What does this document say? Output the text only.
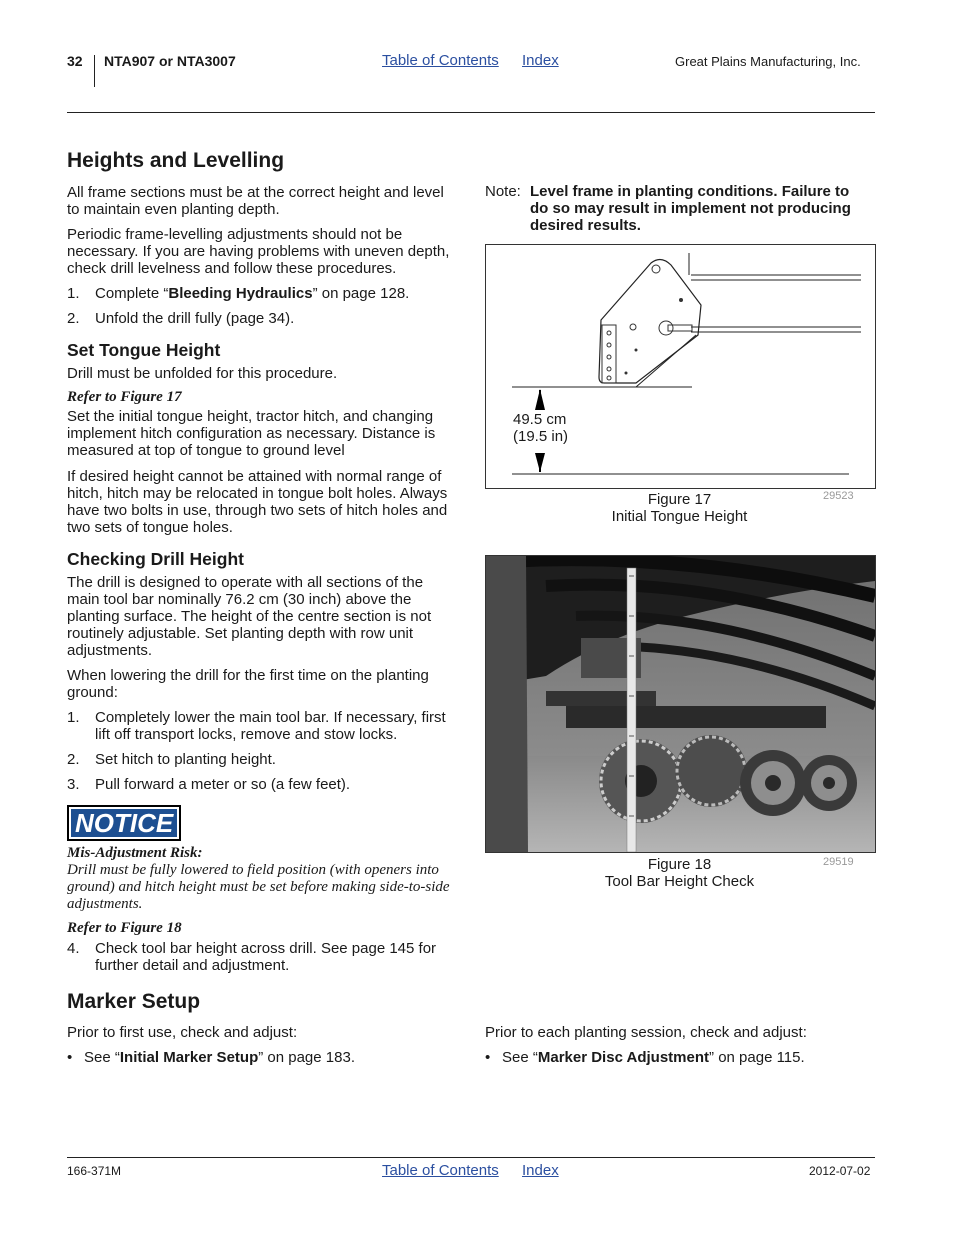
32 NTA907 or NTA3007	Table of Contents Index	Great Plains Manufacturing, Inc.
Heights and Levelling

All frame sections must be at the correct height and level to maintain even planting depth.

Periodic frame-levelling adjustments should not be necessary. If you are having problems with uneven depth, check drill levelness and follow these procedures.

1. Complete “Bleeding Hydraulics” on page 128.
2. Unfold the drill fully (page 34).
Set Tongue Height

Drill must be unfolded for this procedure.

Refer to Figure 17

Set the initial tongue height, tractor hitch, and changing implement hitch configuration as necessary. Distance is measured at top of tongue to ground level

If desired height cannot be attained with normal range of hitch, hitch may be relocated in tongue bolt holes. Always have two bolts in use, through two sets of hitch holes and two sets of tongue holes.

Checking Drill Height

The drill is designed to operate with all sections of the main tool bar nominally 76.2 cm (30 inch) above the planting surface. The height of the centre section is not routinely adjustable. Set planting depth with row unit adjustments.

When lowering the drill for the first time on the planting ground:

1. Completely lower the main tool bar. If necessary, first lift off transport locks, remove and stow locks.
2. Set hitch to planting height.
3. Pull forward a meter or so (a few feet).
NOTICE
Mis-Adjustment Risk:

Drill must be fully lowered to field position (with openers into ground) and hitch height must be set before making side-to-side adjustments.

Refer to Figure 18
4. Check tool bar height across drill. See page 145 for further detail and adjustment.
Note: Level frame in planting conditions. Failure to do so may result in implement not producing desired results.

49.5 cm
(19.5 in)
Figure 17
Initial Tongue Height
29523
Figure 18
Tool Bar Height Check
29519
Marker Setup

Prior to first use, check and adjust:

• See “Initial Marker Setup” on page 183.

Prior to each planting session, check and adjust:

• See “Marker Disc Adjustment” on page 115.
166-371M	Table of Contents Index	2012-07-02
